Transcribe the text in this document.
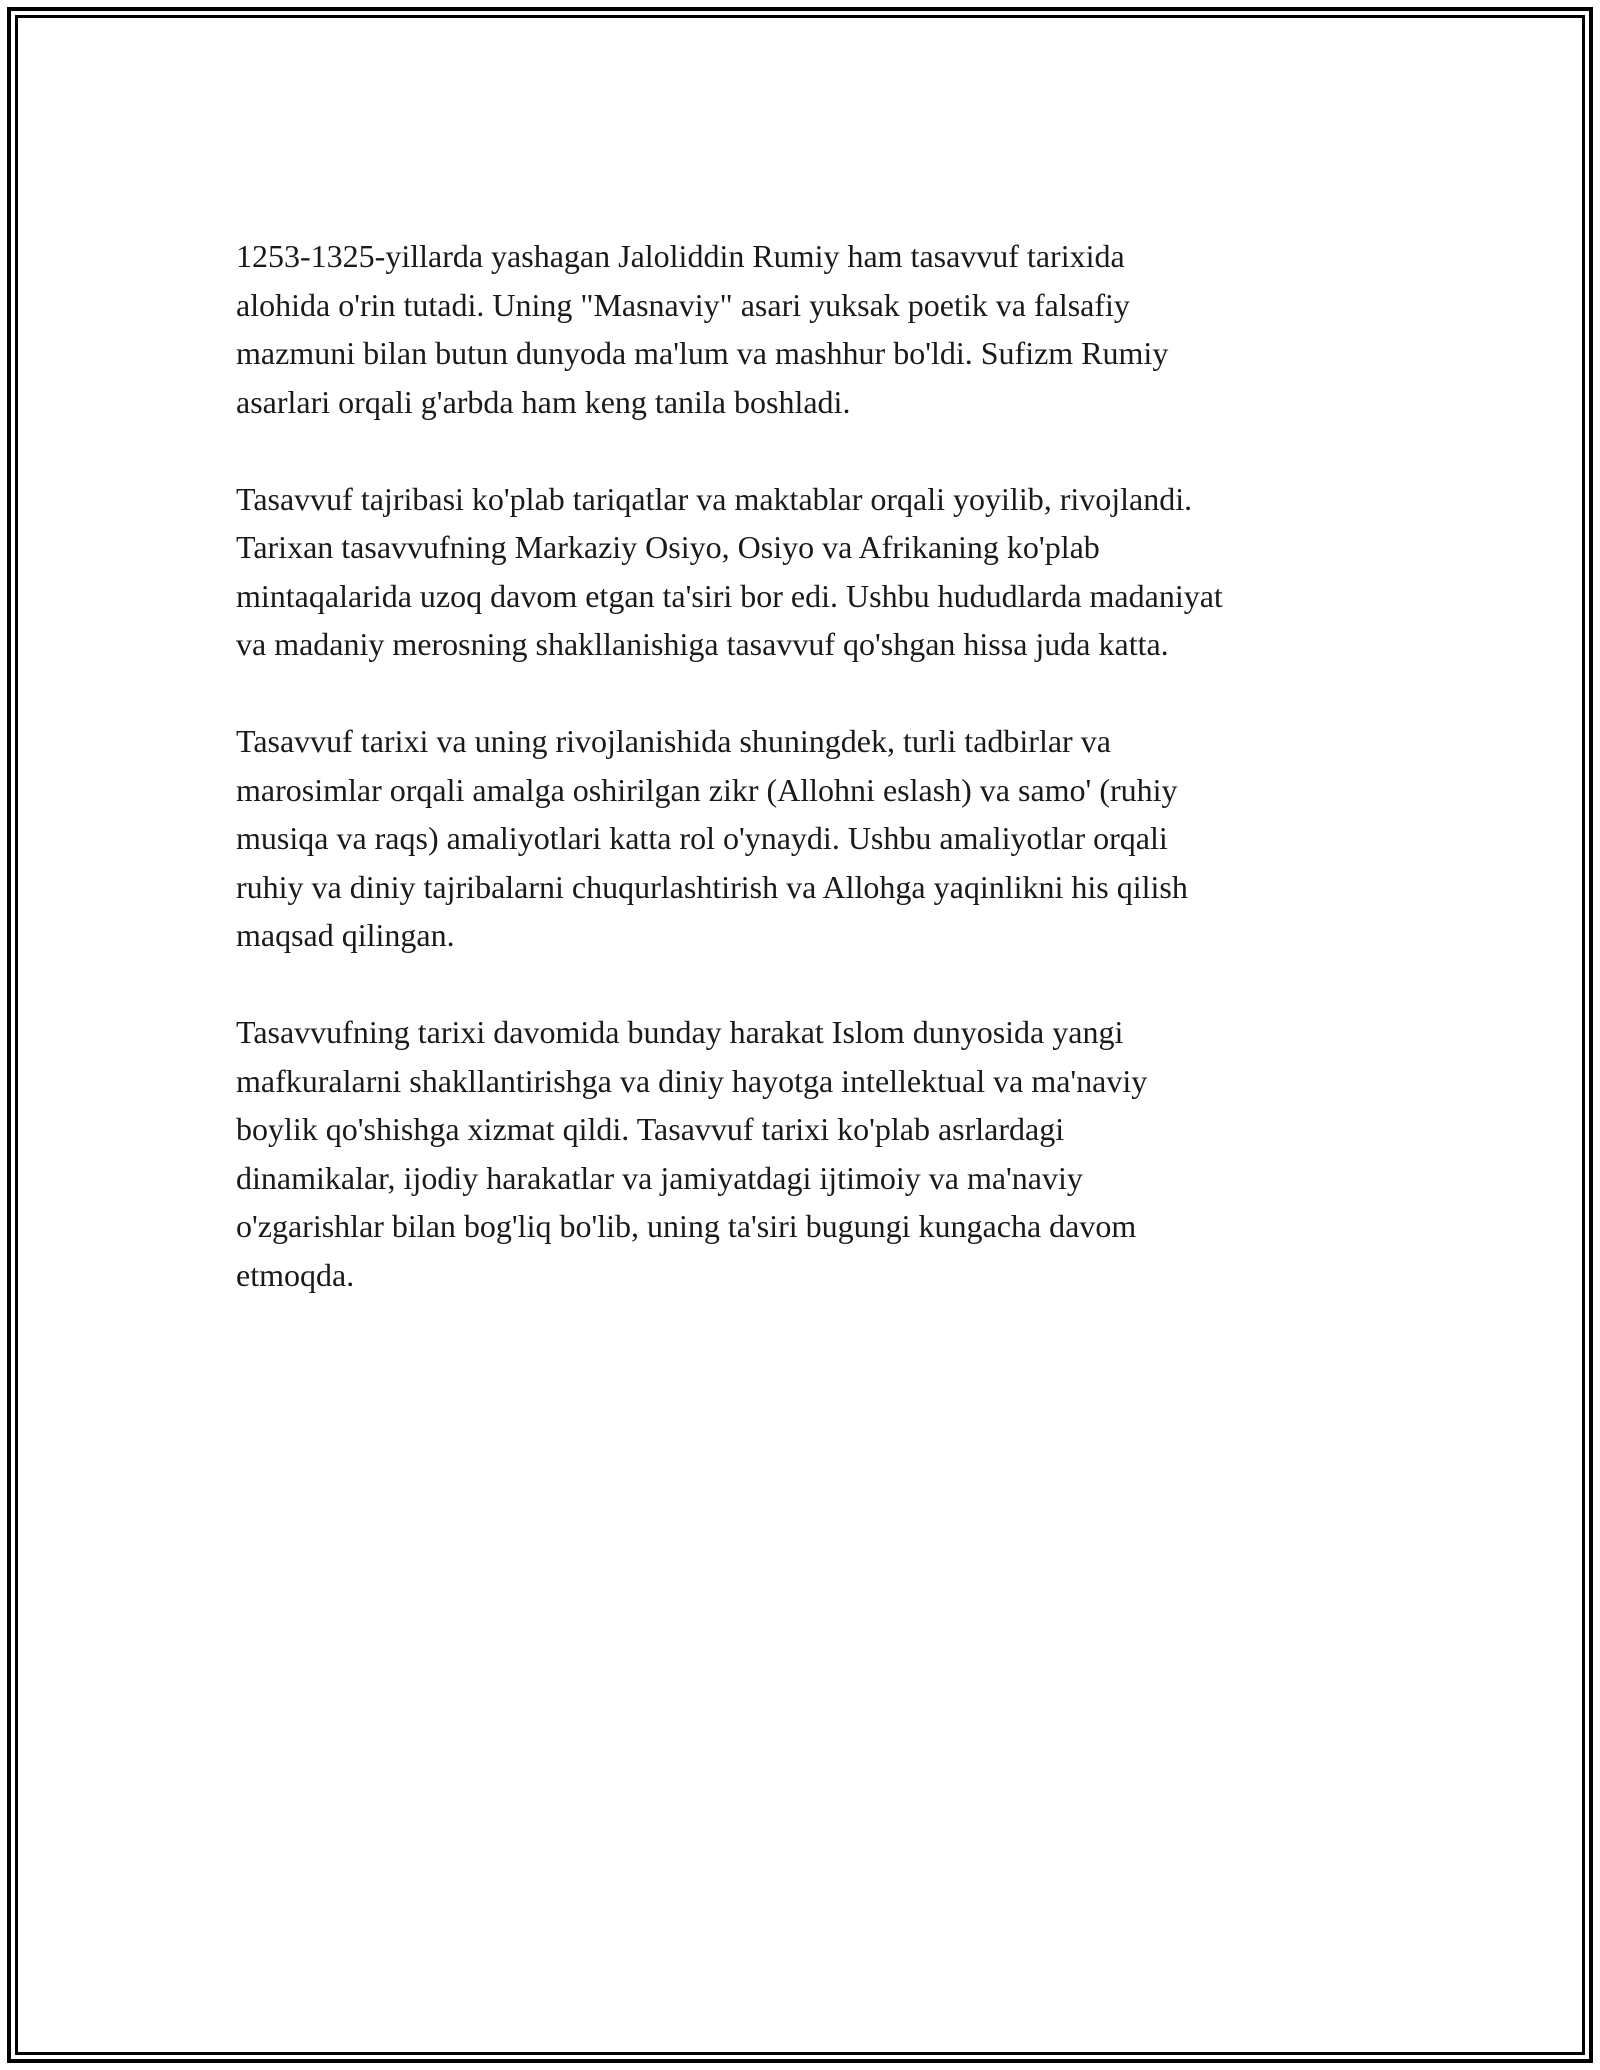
1253-1325-yillarda yashagan Jaloliddin Rumiy ham tasavvuf tarixida
alohida o'rin tutadi. Uning "Masnaviy" asari yuksak poetik va falsafiy
mazmuni bilan butun dunyoda ma'lum va mashhur bo'ldi. Sufizm Rumiy
asarlari orqali g'arbda ham keng tanila boshladi.

Tasavvuf tajribasi ko'plab tariqatlar va maktablar orqali yoyilib, rivojlandi.
Tarixan tasavvufning Markaziy Osiyo, Osiyo va Afrikaning ko'plab
mintaqalarida uzoq davom etgan ta'siri bor edi. Ushbu hududlarda madaniyat
va madaniy merosning shakllanishiga tasavvuf qo'shgan hissa juda katta.

Tasavvuf tarixi va uning rivojlanishida shuningdek, turli tadbirlar va
marosimlar orqali amalga oshirilgan zikr (Allohni eslash) va samo' (ruhiy
musiqa va raqs) amaliyotlari katta rol o'ynaydi. Ushbu amaliyotlar orqali
ruhiy va diniy tajribalarni chuqurlashtirish va Allohga yaqinlikni his qilish
maqsad qilingan.

Tasavvufning tarixi davomida bunday harakat Islom dunyosida yangi
mafkuralarni shakllantirishga va diniy hayotga intellektual va ma'naviy
boylik qo'shishga xizmat qildi. Tasavvuf tarixi ko'plab asrlardagi
dinamikalar, ijodiy harakatlar va jamiyatdagi ijtimoiy va ma'naviy
o'zgarishlar bilan bog'liq bo'lib, uning ta'siri bugungi kungacha davom
etmoqda.
